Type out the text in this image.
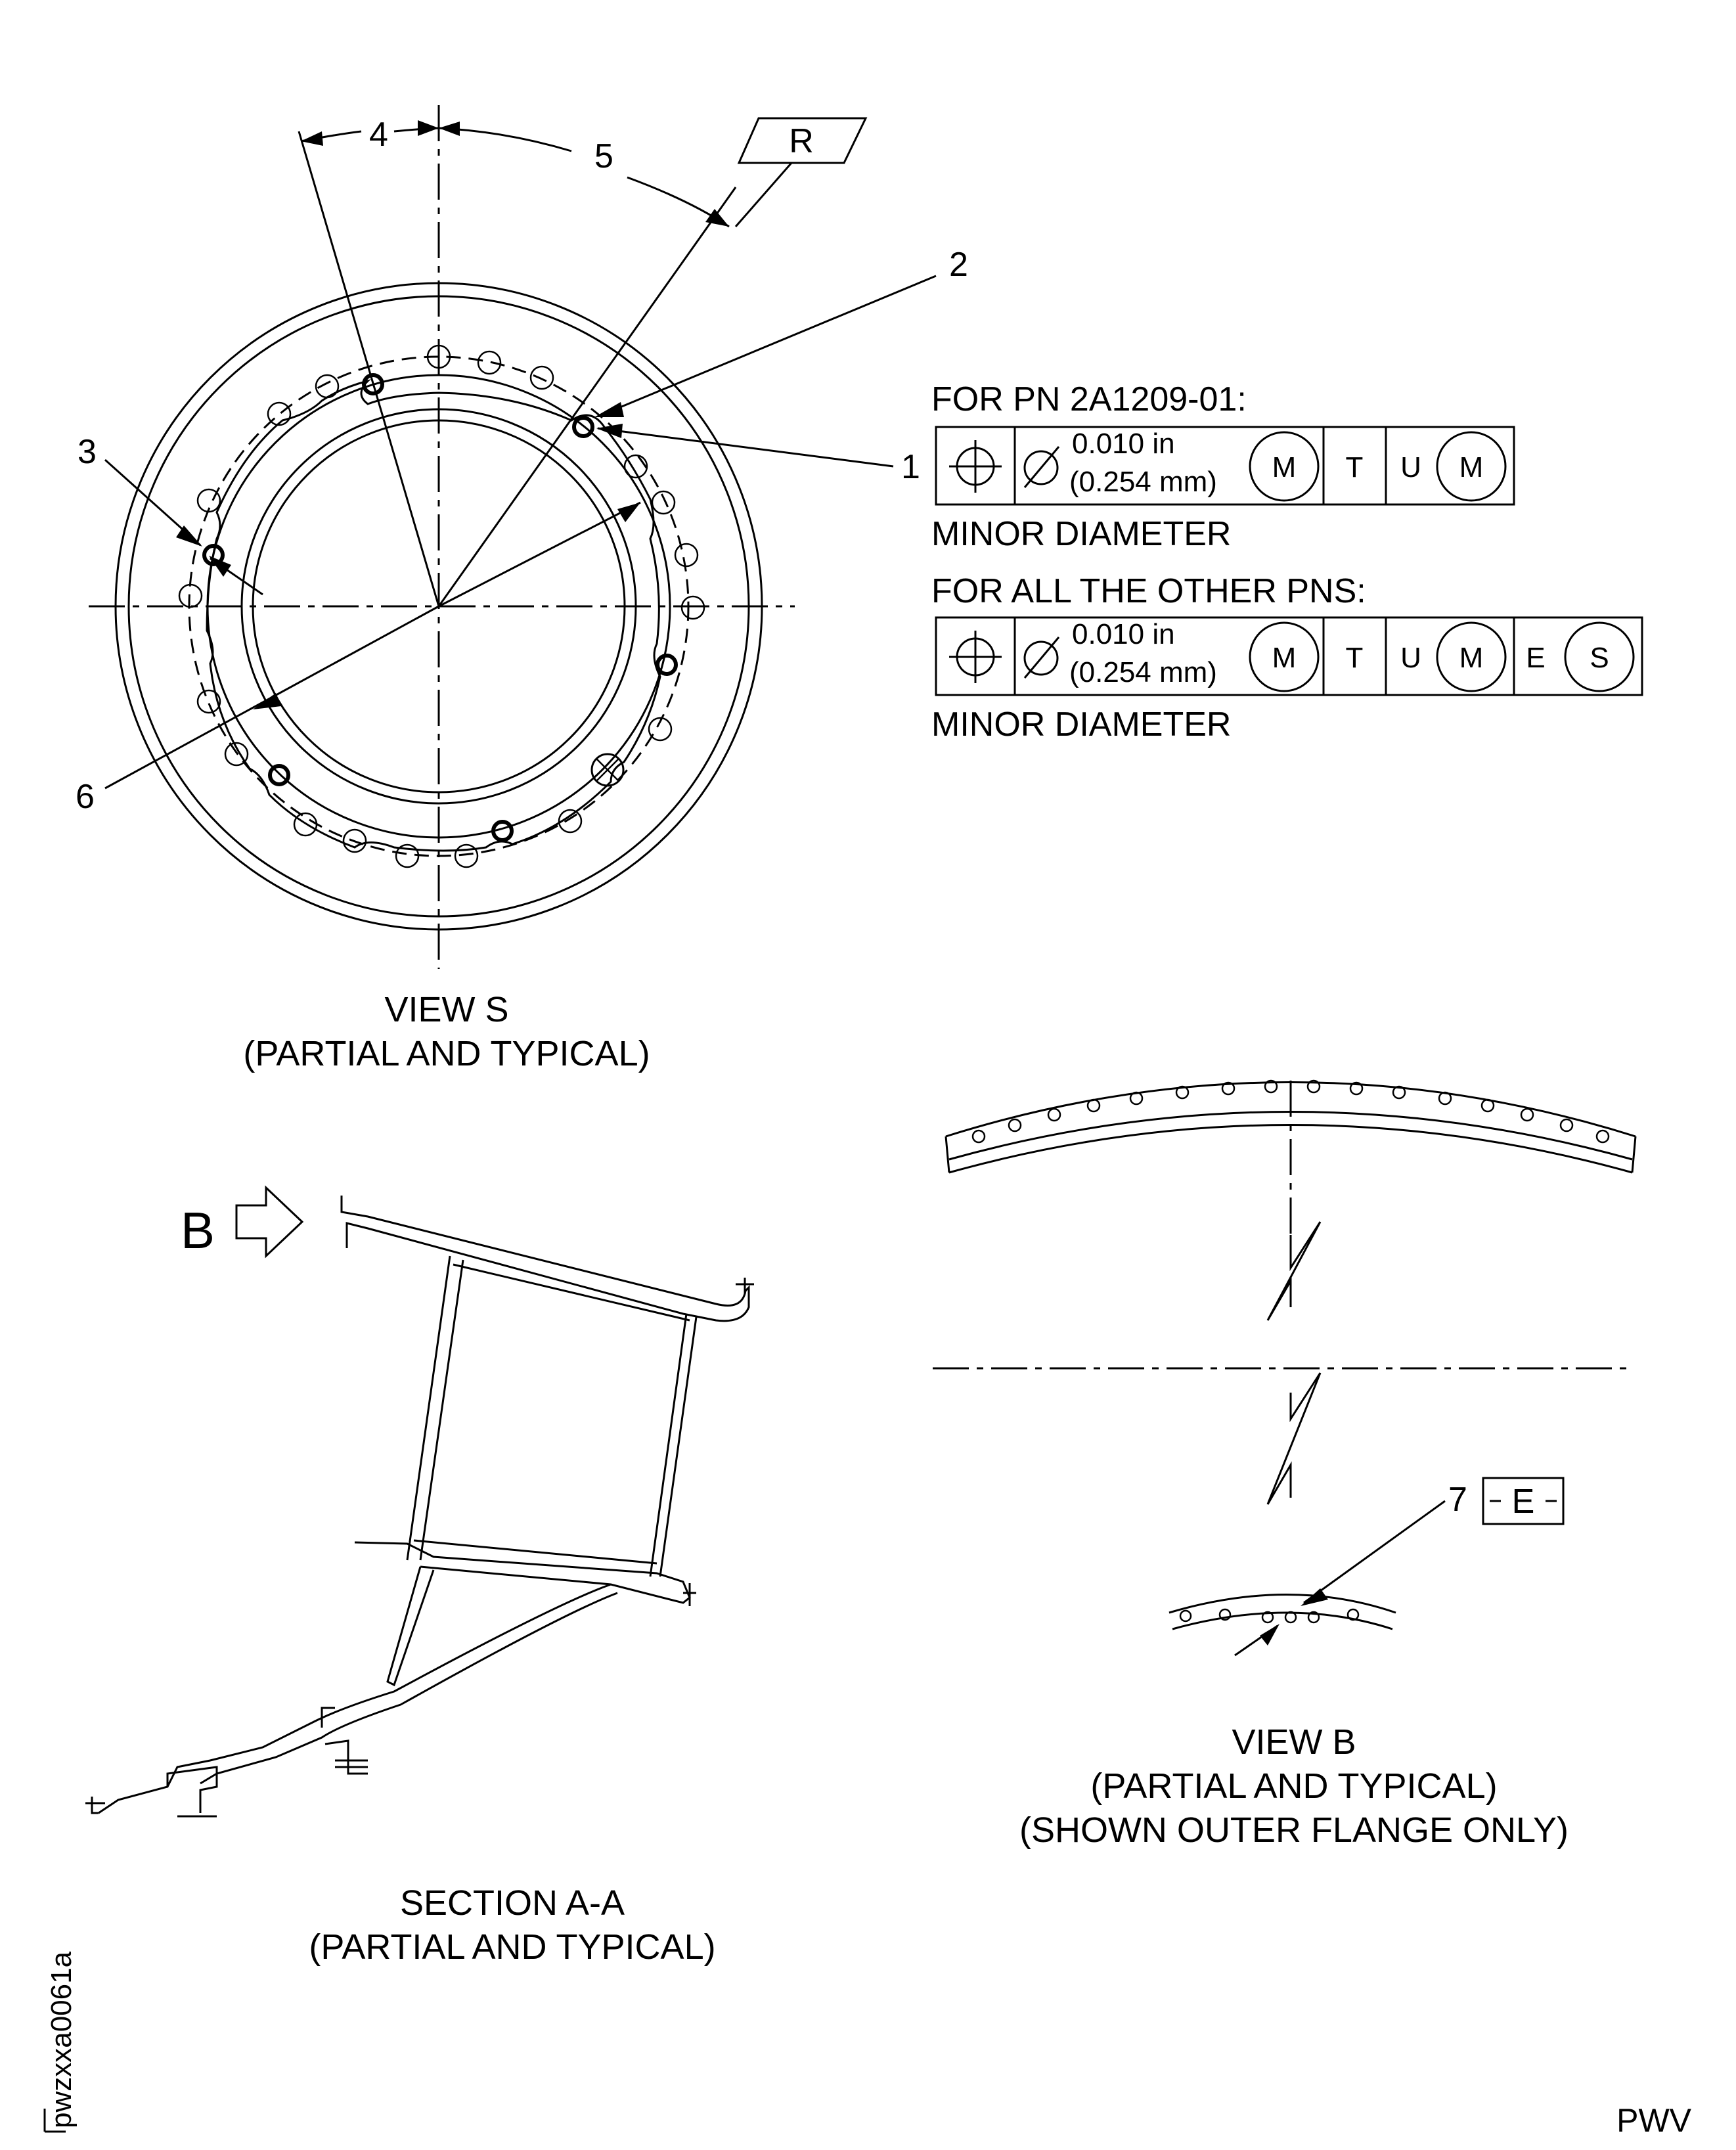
4
5	R
2
1
3
6
VIEW S
(PARTIAL AND TYPICAL)
FOR PN 2A1209-01:
0.010 in
(0.254 mm) M T U M
MINOR DIAMETER
FOR ALL THE OTHER PNS:
0.010 in
(0.254 mm) M T U M E S
MINOR DIAMETER
B
SECTION A-A
(PARTIAL AND TYPICAL)
7 E
VIEW B
(PARTIAL AND TYPICAL)
(SHOWN OUTER FLANGE ONLY)
pwzxxa0061a	PWV
